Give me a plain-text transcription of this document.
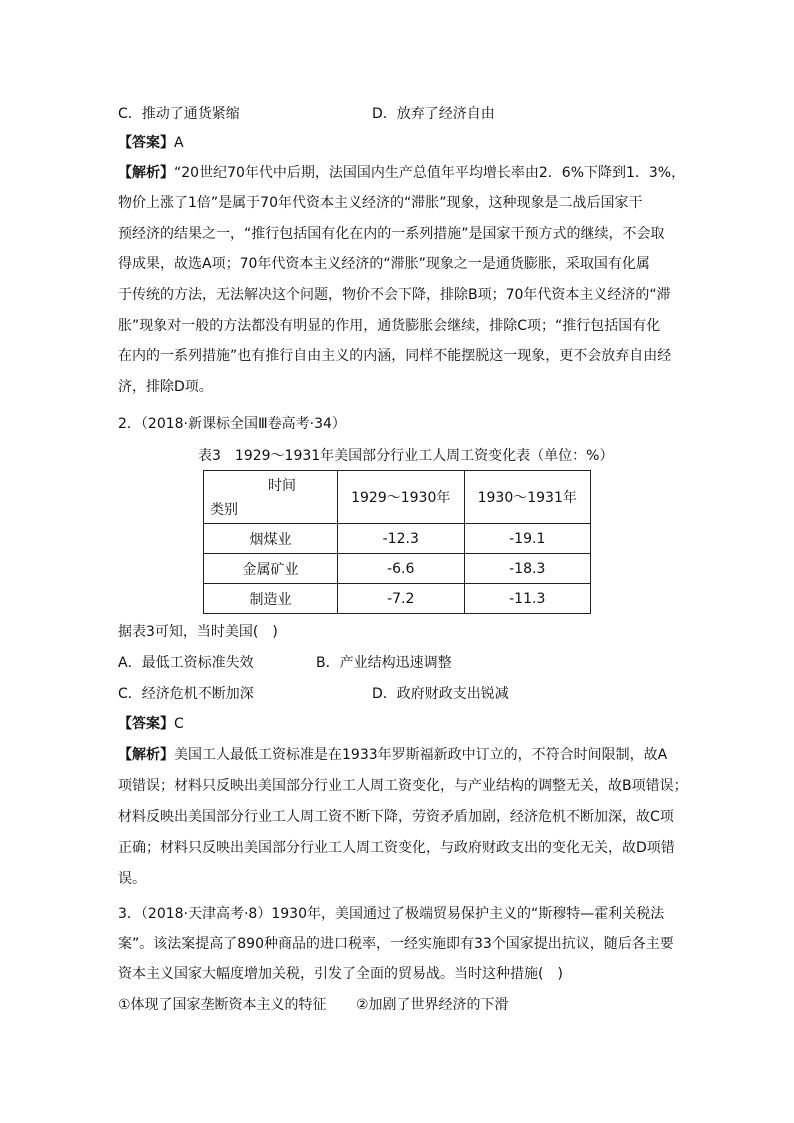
C．推动了通货紧缩	D．放弃了经济自由
【答案】A
【解析】“20世纪70年代中后期，法国国内生产总值年平均增长率由2．6%下降到1．3%，
物价上涨了1倍”是属于70年代资本主义经济的“滞胀”现象，这种现象是二战后国家干
预经济的结果之一，“推行包括国有化在内的一系列措施”是国家干预方式的继续，不会取
得成果，故选A项；70年代资本主义经济的“滞胀”现象之一是通货膨胀，采取国有化属
于传统的方法，无法解决这个问题，物价不会下降，排除B项；70年代资本主义经济的“滞
胀”现象对一般的方法都没有明显的作用，通货膨胀会继续，排除C项；“推行包括国有化
在内的一系列措施”也有推行自由主义的内涵，同样不能摆脱这一现象，更不会放弃自由经
济，排除D项。
2．（2018·新课标全国Ⅲ卷高考·34）
表3　1929～1931年美国部分行业工人周工资变化表（单位：%）
时间
类别	1929～1930年	1930～1931年
烟煤业	-12.3	-19.1
金属矿业	-6.6	-18.3
制造业	-7.2	-11.3
据表3可知，当时美国(　)
A．最低工资标准失效	B．产业结构迅速调整
C．经济危机不断加深	D．政府财政支出锐减
【答案】C
【解析】美国工人最低工资标准是在1933年罗斯福新政中订立的，不符合时间限制，故A
项错误；材料只反映出美国部分行业工人周工资变化，与产业结构的调整无关，故B项错误；
材料反映出美国部分行业工人周工资不断下降，劳资矛盾加剧，经济危机不断加深，故C项
正确；材料只反映出美国部分行业工人周工资变化，与政府财政支出的变化无关，故D项错
误。
3．（2018·天津高考·8）1930年，美国通过了极端贸易保护主义的“斯穆特—霍利关税法
案”。该法案提高了890种商品的进口税率，一经实施即有33个国家提出抗议，随后各主要
资本主义国家大幅度增加关税，引发了全面的贸易战。当时这种措施(　)
①体现了国家垄断资本主义的特征 ②加剧了世界经济的下滑
